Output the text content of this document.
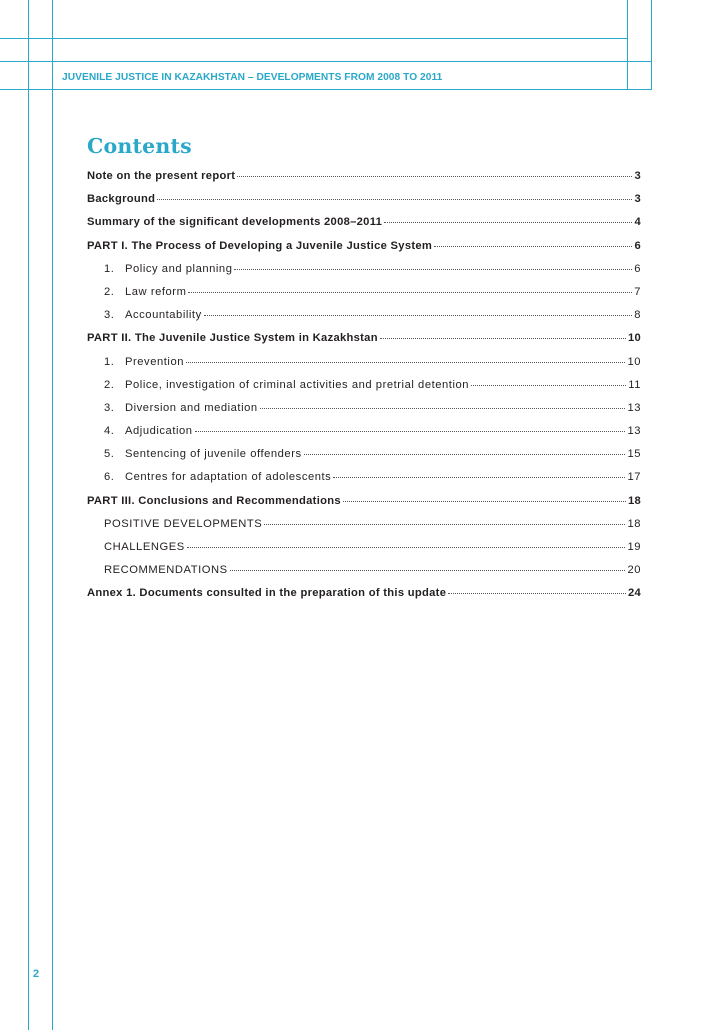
JUVENILE JUSTICE IN KAZAKHSTAN – DEVELOPMENTS FROM 2008 TO 2011
Contents
Note on the present report	3
Background	3
Summary of the significant developments 2008–2011	4
PART I. The Process of Developing a Juvenile Justice System	6
1. Policy and planning	6
2. Law reform	7
3. Accountability	8
PART II. The Juvenile Justice System in Kazakhstan	10
1. Prevention	10
2. Police, investigation of criminal activities and pretrial detention	11
3. Diversion and mediation	13
4. Adjudication	13
5. Sentencing of juvenile offenders	15
6. Centres for adaptation of adolescents	17
PART III. Conclusions and Recommendations	18
POSITIVE DEVELOPMENTS	18
CHALLENGES	19
RECOMMENDATIONS	20
Annex 1. Documents consulted in the preparation of this update	24
2
